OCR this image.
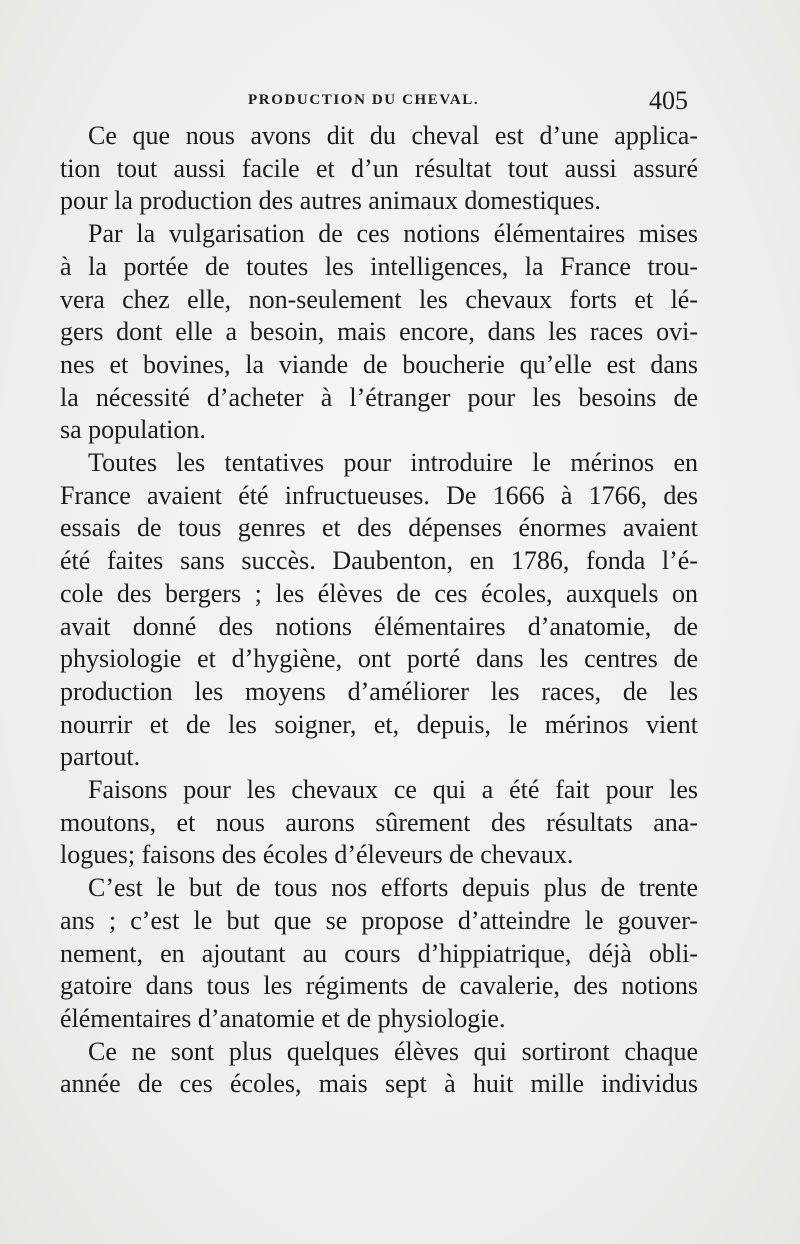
PRODUCTION DU CHEVAL.	405

Ce que nous avons dit du cheval est d’une applica-
tion tout aussi facile et d’un résultat tout aussi assuré
pour la production des autres animaux domestiques.

Par la vulgarisation de ces notions élémentaires mises
à la portée de toutes les intelligences, la France trou-
vera chez elle, non-seulement les chevaux forts et lé-
gers dont elle a besoin, mais encore, dans les races ovi-
nes et bovines, la viande de boucherie qu’elle est dans
la nécessité d’acheter à l’étranger pour les besoins de
sa population.

Toutes les tentatives pour introduire le mérinos en
France avaient été infructueuses. De 1666 à 1766, des
essais de tous genres et des dépenses énormes avaient
été faites sans succès. Daubenton, en 1786, fonda l’é-
cole des bergers ; les élèves de ces écoles, auxquels on
avait donné des notions élémentaires d’anatomie, de
physiologie et d’hygiène, ont porté dans les centres de
production les moyens d’améliorer les races, de les
nourrir et de les soigner, et, depuis, le mérinos vient
partout.

Faisons pour les chevaux ce qui a été fait pour les
moutons, et nous aurons sûrement des résultats ana-
logues; faisons des écoles d’éleveurs de chevaux.

C’est le but de tous nos efforts depuis plus de trente
ans ; c’est le but que se propose d’atteindre le gouver-
nement, en ajoutant au cours d’hippiatrique, déjà obli-
gatoire dans tous les régiments de cavalerie, des notions
élémentaires d’anatomie et de physiologie.

Ce ne sont plus quelques élèves qui sortiront chaque
année de ces écoles, mais sept à huit mille individus
